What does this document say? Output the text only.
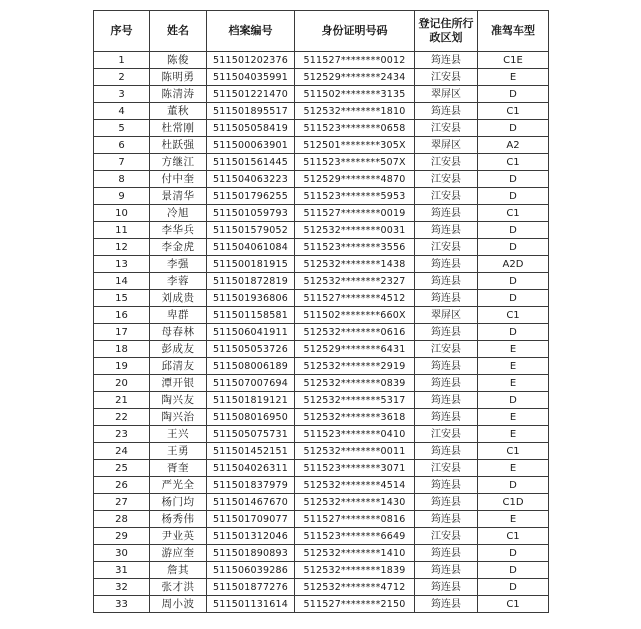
序号	姓名	档案编号	身份证明号码	登记住所行政区划	准驾车型
1	陈俊	511501202376	511527********0012	筠连县	C1E
2	陈明勇	511504035991	512529********2434	江安县	E
3	陈清涛	511501221470	511502********3135	翠屏区	D
4	董秋	511501895517	512532********1810	筠连县	C1
5	杜常刚	511505058419	511523********0658	江安县	D
6	杜跃强	511500063901	512501********305X	翠屏区	A2
7	方继江	511501561445	511523********507X	江安县	C1
8	付中奎	511504063223	512529********4870	江安县	D
9	景清华	511501796255	511523********5953	江安县	D
10	冷旭	511501059793	511527********0019	筠连县	C1
11	李华兵	511501579052	512532********0031	筠连县	D
12	李金虎	511504061084	511523********3556	江安县	D
13	李强	511500181915	512532********1438	筠连县	A2D
14	李蓉	511501872819	512532********2327	筠连县	D
15	刘成贵	511501936806	511527********4512	筠连县	D
16	卑群	511501158581	511502********660X	翠屏区	C1
17	母春林	511506041911	512532********0616	筠连县	D
18	彭成友	511505053726	512529********6431	江安县	E
19	邱清友	511508006189	512532********2919	筠连县	E
20	潭开银	511507007694	512532********0839	筠连县	E
21	陶兴友	511501819121	512532********5317	筠连县	D
22	陶兴治	511508016950	512532********3618	筠连县	E
23	王兴	511505075731	511523********0410	江安县	E
24	王勇	511501452151	512532********0011	筠连县	C1
25	胥奎	511504026311	511523********3071	江安县	E
26	严光全	511501837979	512532********4514	筠连县	D
27	杨门均	511501467670	512532********1430	筠连县	C1D
28	杨秀伟	511501709077	511527********0816	筠连县	E
29	尹业英	511501312046	511523********6649	江安县	C1
30	游应奎	511501890893	512532********1410	筠连县	D
31	詹其	511506039286	512532********1839	筠连县	D
32	张才洪	511501877276	512532********4712	筠连县	D
33	周小波	511501131614	511527********2150	筠连县	C1
